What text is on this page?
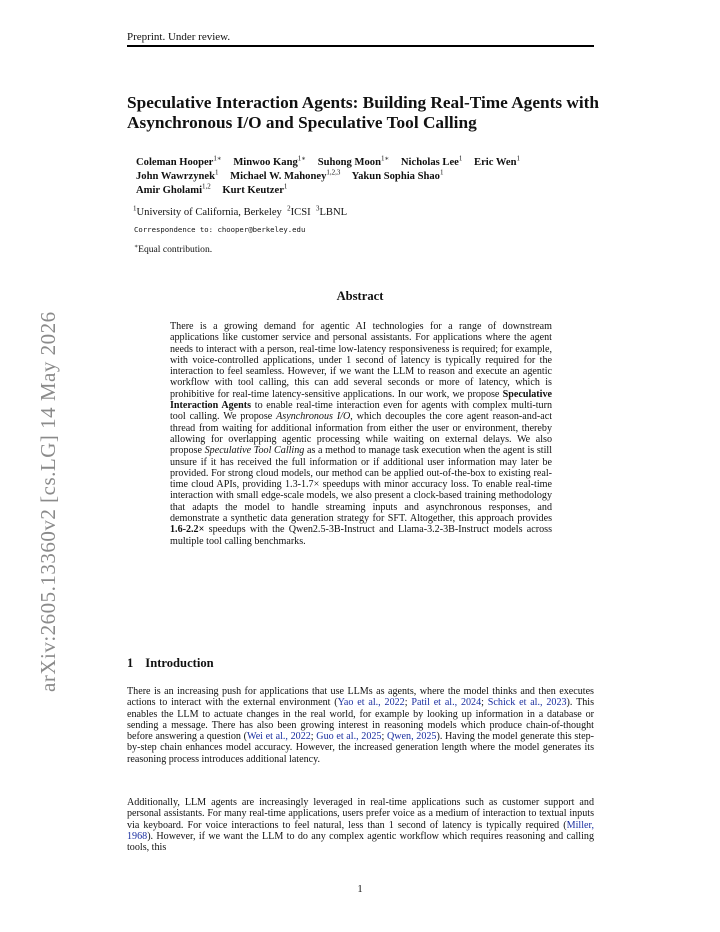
Preprint. Under review.
Speculative Interaction Agents: Building Real-Time Agents with Asynchronous I/O and Speculative Tool Calling
Coleman Hooper$^{1∗}$ Minwoo Kang$^{1∗}$ Suhong Moon$^{1∗}$ Nicholas Lee$^1$ Eric Wen$^1$
John Wawrzynek$^1$ Michael W. Mahoney$^{1,2,3}$ Yakun Sophia Shao$^1$
Amir Gholami$^{1,2}$ Kurt Keutzer$^1$
$^1$University of California, Berkeley $^2$ICSI $^3$LBNL
Correspondence to: chooper@berkeley.edu
∗Equal contribution.
arXiv:2605.13360v2 [cs.LG] 14 May 2026
Abstract

There is a growing demand for agentic AI technologies for a range of downstream applications like customer service and personal assistants. For applications where the agent needs to interact with a person, real-time low-latency responsiveness is required; for example, with voice-controlled applications, under 1 second of latency is typically required for the interaction to feel seamless. However, if we want the LLM to reason and execute an agentic workflow with tool calling, this can add several seconds or more of latency, which is prohibitive for real-time latency-sensitive applications. In our work, we propose Speculative Interaction Agents to enable real-time interaction even for agents with complex multi-turn tool calling. We propose Asynchronous I/O, which decouples the core agent reason-and-act thread from waiting for additional information from either the user or environment, thereby allowing for overlapping agentic processing while waiting on external delays. We also propose Speculative Tool Calling as a method to manage task execution when the agent is still unsure if it has received the full information or if additional user information may later be provided. For strong cloud models, our method can be applied out-of-the-box to existing real-time cloud APIs, providing 1.3-1.7× speedups with minor accuracy loss. To enable real-time interaction with small edge-scale models, we also present a clock-based training methodology that adapts the model to handle streaming inputs and asynchronous responses, and demonstrate a synthetic data generation strategy for SFT. Altogether, this approach provides 1.6-2.2× speedups with the Qwen2.5-3B-Instruct and Llama-3.2-3B-Instruct models across multiple tool calling benchmarks.

1 Introduction

There is an increasing push for applications that use LLMs as agents, where the model thinks and then executes actions to interact with the external environment (Yao et al., 2022; Patil et al., 2024; Schick et al., 2023). This enables the LLM to actuate changes in the real world, for example by looking up information in a database or sending a message. There has also been growing interest in reasoning models which produce chain-of-thought before answering a question (Wei et al., 2022; Guo et al., 2025; Qwen, 2025). Having the model generate this step-by-step chain enhances model accuracy. However, the increased generation length where the model generates its reasoning process introduces additional latency.

Additionally, LLM agents are increasingly leveraged in real-time applications such as customer support and personal assistants. For many real-time applications, users prefer voice as a medium of interaction to textual inputs via keyboard. For voice interactions to feel natural, less than 1 second of latency is typically required (Miller, 1968). However, if we want the LLM to do any complex agentic workflow which requires reasoning and calling tools, this

1
